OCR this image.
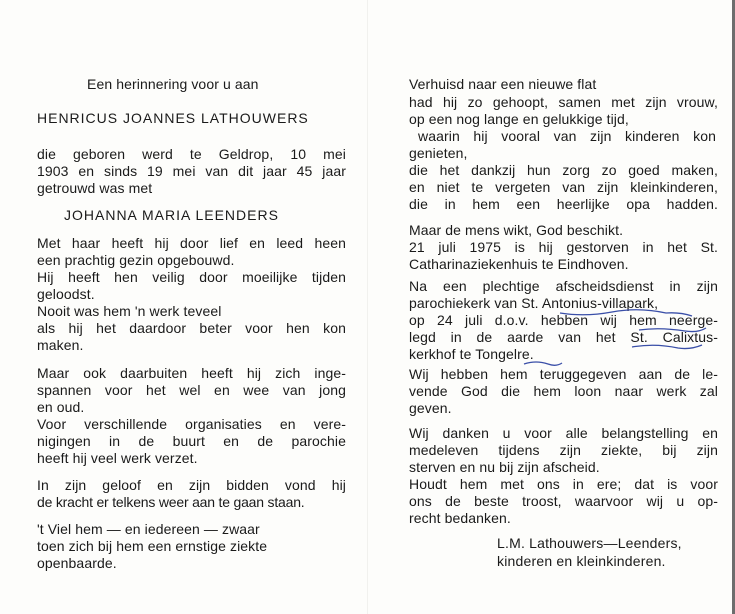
Een herinnering voor u aan
HENRICUS JOANNES LATHOUWERS
die geboren werd te Geldrop, 10 mei
1903 en sinds 19 mei van dit jaar 45 jaar
getrouwd was met
JOHANNA MARIA LEENDERS
Met haar heeft hij door lief en leed heen
een prachtig gezin opgebouwd.
Hij heeft hen veilig door moeilijke tijden
geloodst.
Nooit was hem 'n werk teveel
als hij het daardoor beter voor hen kon
maken.
Maar ook daarbuiten heeft hij zich inge-
spannen voor het wel en wee van jong
en oud.
Voor verschillende organisaties en vere-
nigingen in de buurt en de parochie
heeft hij veel werk verzet.
In zijn geloof en zijn bidden vond hij
de kracht er telkens weer aan te gaan staan.
't Viel hem — en iedereen — zwaar
toen zich bij hem een ernstige ziekte
openbaarde.
Verhuisd naar een nieuwe flat
had hij zo gehoopt, samen met zijn vrouw,
op een nog lange en gelukkige tijd,
waarin hij vooral van zijn kinderen kon
genieten,
die het dankzij hun zorg zo goed maken,
en niet te vergeten van zijn kleinkinderen,
die in hem een heerlijke opa hadden.
Maar de mens wikt, God beschikt.
21 juli 1975 is hij gestorven in het St.
Catharinaziekenhuis te Eindhoven.
Na een plechtige afscheidsdienst in zijn
parochiekerk van St. Antonius-villapark,
op 24 juli d.o.v. hebben wij hem neerge-
legd in de aarde van het St. Calixtus-
kerkhof te Tongelre.
Wij hebben hem teruggegeven aan de le-
vende God die hem loon naar werk zal
geven.
Wij danken u voor alle belangstelling en
medeleven tijdens zijn ziekte, bij zijn
sterven en nu bij zijn afscheid.
Houdt hem met ons in ere; dat is voor
ons de beste troost, waarvoor wij u op-
recht bedanken.
L.M. Lathouwers—Leenders,
kinderen en kleinkinderen.
